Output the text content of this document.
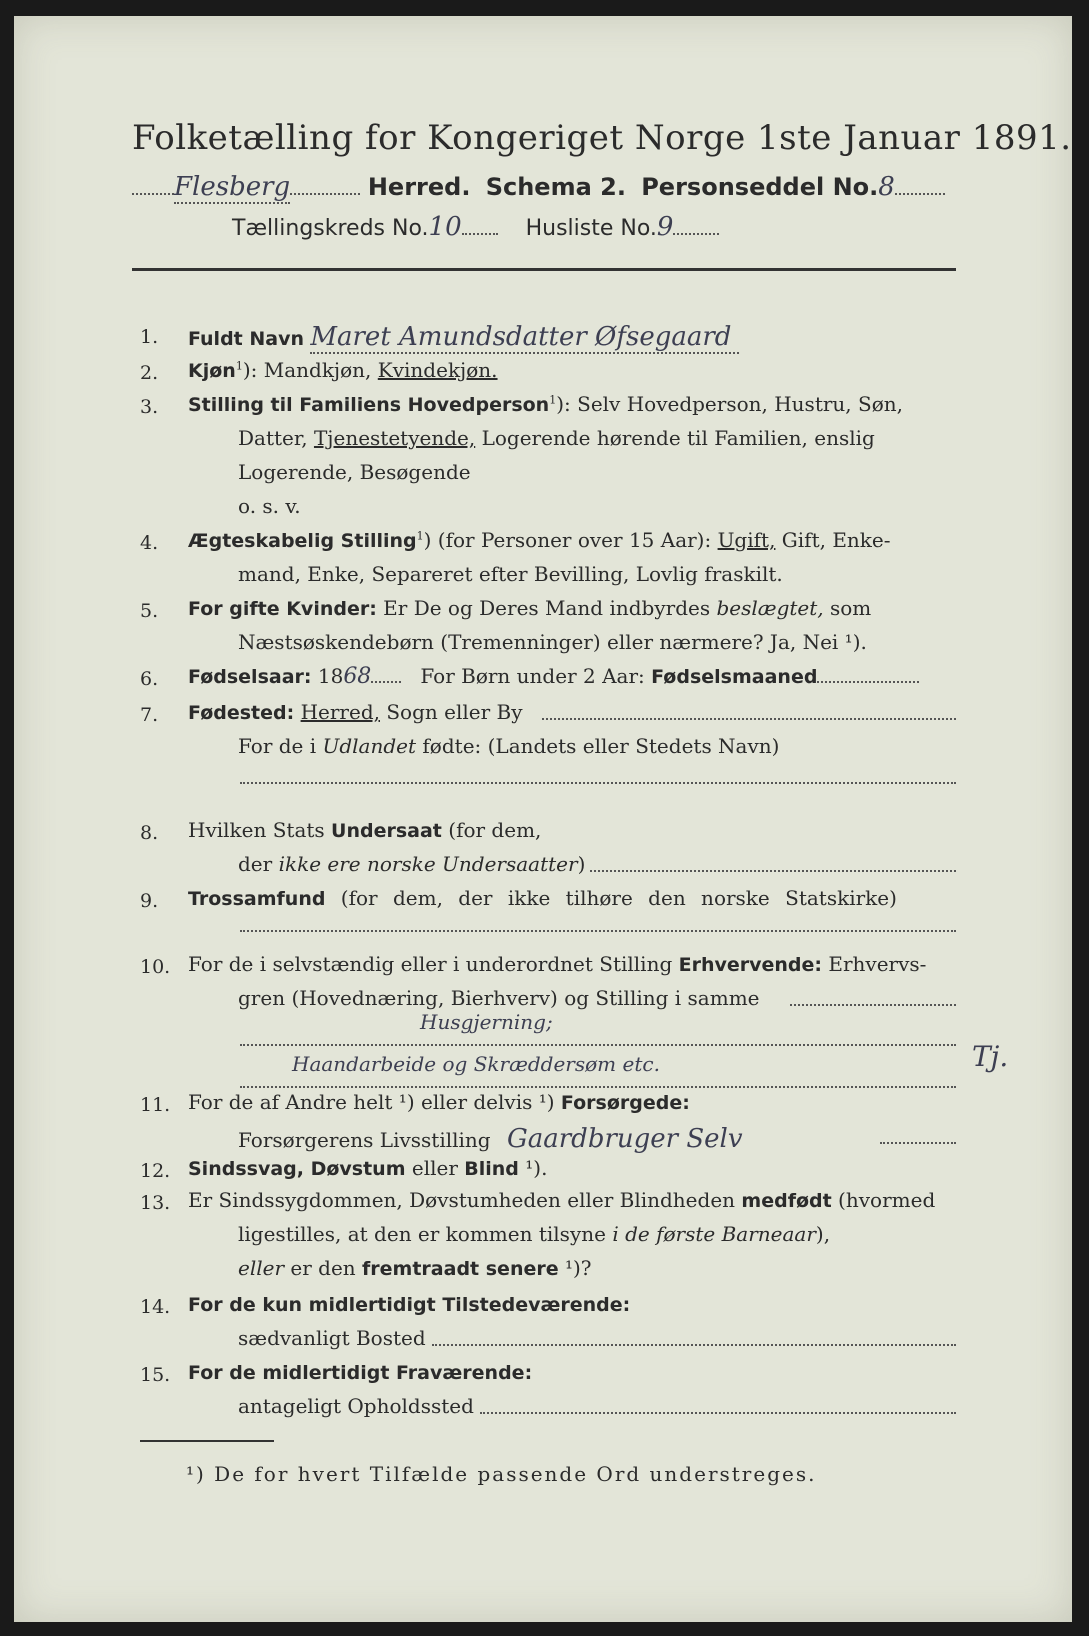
Folketælling for Kongeriget Norge 1ste Januar 1891.
Flesberg	Herred. Schema 2. Personseddel No.8
Tællingskreds No.10	Husliste No.9
1.	Fuldt Navn Maret Amundsdatter Øfsegaard
2.	Kjøn$^1$): Mandkjøn, Kvindekjøn.
3.	Stilling til Familiens Hovedperson$^1$): Selv Hovedperson, Hustru, Søn,
Datter, Tjenestetyende, Logerende hørende til Familien, enslig
Logerende, Besøgende
o. s. v.
4.	Ægteskabelig Stilling$^1$) (for Personer over 15 Aar): Ugift, Gift, Enke-
mand, Enke, Separeret efter Bevilling, Lovlig fraskilt.
5.	For gifte Kvinder: Er De og Deres Mand indbyrdes beslægtet, som
Næstsøskendebørn (Tremenninger) eller nærmere? Ja, Nei ¹).
6.	Fødselsaar: 1868 For Børn under 2 Aar: Fødselsmaaned
7.	Fødested: Herred, Sogn eller By
For de i Udlandet fødte: (Landets eller Stedets Navn)
8.	Hvilken Stats Undersaat (for dem,
der ikke ere norske Undersaatter)
9.	Trossamfund (for dem, der ikke tilhøre den norske Statskirke)
10. For de i selvstændig eller i underordnet Stilling Erhvervende: Erhvervs-
gren (Hovednæring, Bierhverv) og Stilling i samme
Husgjerning;
Haandarbeide og Skræddersøm etc.	Tj.
11. For de af Andre helt ¹) eller delvis ¹) Forsørgede:
Forsørgerens Livsstilling Gaardbruger Selv
12. Sindssvag, Døvstum eller Blind ¹).
13. Er Sindssygdommen, Døvstumheden eller Blindheden medfødt (hvormed
ligestilles, at den er kommen tilsyne i de første Barneaar),
eller er den fremtraadt senere ¹)?
14. For de kun midlertidigt Tilstedeværende:
sædvanligt Bosted
15. For de midlertidigt Fraværende:
antageligt Opholdssted
¹) De for hvert Tilfælde passende Ord understreges.
